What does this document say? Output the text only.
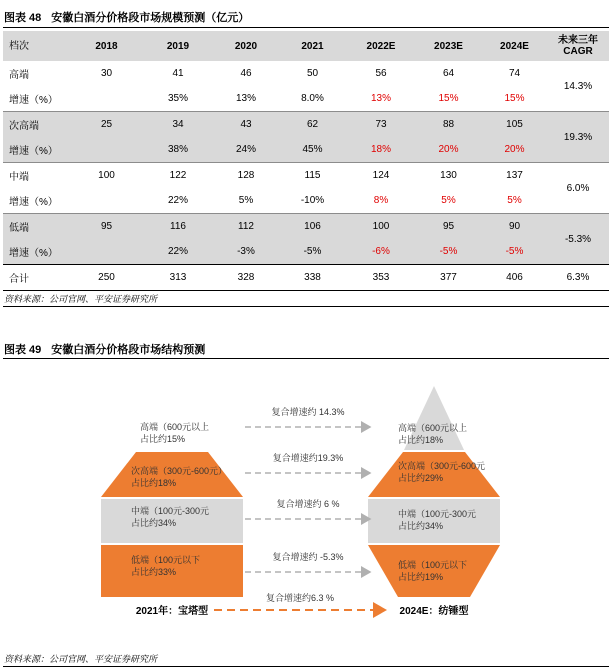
图表 48 安徽白酒分价格段市场规模预测（亿元）
档次	2018	2019	2020	2021	2022E	2023E	2024E	未来三年
CAGR
高端	30	41	46	50	56	64	74	14.3%
增速（%）		35%	13%	8.0%	13%	15%	15%	
次高端	25	34	43	62	73	88	105	19.3%
增速（%）		38%	24%	45%	18%	20%	20%	
中端	100	122	128	115	124	130	137	6.0%
增速（%）		22%	5%	-10%	8%	5%	5%	
低端	95	116	112	106	100	95	90	-5.3%
增速（%）		22%	-3%	-5%	-6%	-5%	-5%	
合计	250	313	328	338	353	377	406	6.3%
资料来源：公司官网、平安证券研究所
图表 49 安徽白酒分价格段市场结构预测
高端（600元以上
占比约15%
高端（600元以上
占比约18%
次高端（300元-600元）
占比约18%
次高端（300元-600元
占比约29%
中端（100元-300元
占比约34%
中端（100元-300元
占比约34%
低端（100元以下
占比约33%
低端（100元以下
占比约19%
复合增速约 14.3%
复合增速约19.3%
复合增速约 6 %
复合增速约 -5.3%
复合增速约6.3 %
2021年：宝塔型	2024E：纺锤型
资料来源：公司官网、平安证券研究所
